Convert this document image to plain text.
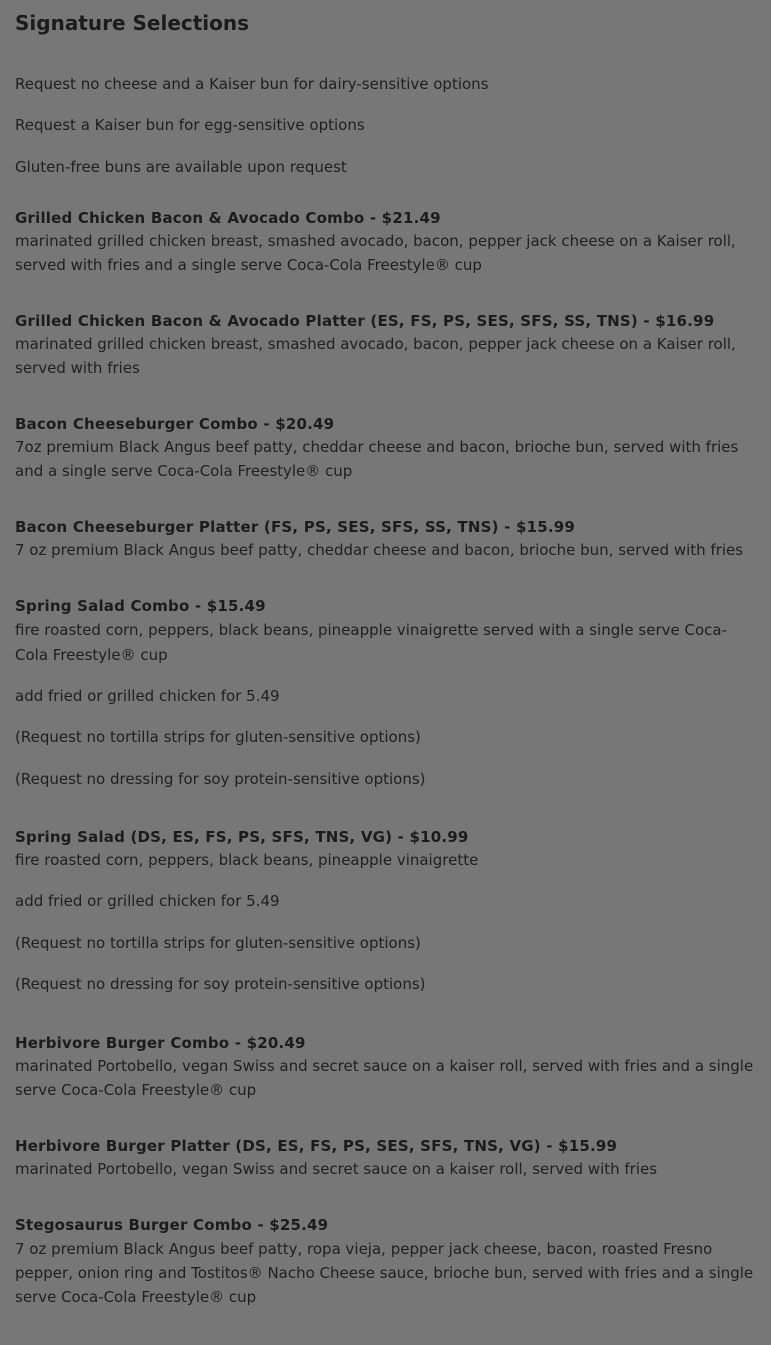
Signature Selections

Request no cheese and a Kaiser bun for dairy-sensitive options

Request a Kaiser bun for egg-sensitive options

Gluten-free buns are available upon request

Grilled Chicken Bacon & Avocado Combo - $21.49

marinated grilled chicken breast, smashed avocado, bacon, pepper jack cheese on a Kaiser roll, served with fries and a single serve Coca-Cola Freestyle® cup

Grilled Chicken Bacon & Avocado Platter (ES, FS, PS, SES, SFS, SS, TNS) - $16.99

marinated grilled chicken breast, smashed avocado, bacon, pepper jack cheese on a Kaiser roll, served with fries

Bacon Cheeseburger Combo - $20.49

7oz premium Black Angus beef patty, cheddar cheese and bacon, brioche bun, served with fries and a single serve Coca-Cola Freestyle® cup

Bacon Cheeseburger Platter (FS, PS, SES, SFS, SS, TNS) - $15.99

7 oz premium Black Angus beef patty, cheddar cheese and bacon, brioche bun, served with fries

Spring Salad Combo - $15.49

fire roasted corn, peppers, black beans, pineapple vinaigrette served with a single serve Coca-Cola Freestyle® cup

add fried or grilled chicken for 5.49

(Request no tortilla strips for gluten-sensitive options)

(Request no dressing for soy protein-sensitive options)

Spring Salad (DS, ES, FS, PS, SFS, TNS, VG) - $10.99

fire roasted corn, peppers, black beans, pineapple vinaigrette

add fried or grilled chicken for 5.49

(Request no tortilla strips for gluten-sensitive options)

(Request no dressing for soy protein-sensitive options)

Herbivore Burger Combo - $20.49

marinated Portobello, vegan Swiss and secret sauce on a kaiser roll, served with fries and a single serve Coca-Cola Freestyle® cup

Herbivore Burger Platter (DS, ES, FS, PS, SES, SFS, TNS, VG) - $15.99

marinated Portobello, vegan Swiss and secret sauce on a kaiser roll, served with fries

Stegosaurus Burger Combo - $25.49

7 oz premium Black Angus beef patty, ropa vieja, pepper jack cheese, bacon, roasted Fresno pepper, onion ring and Tostitos® Nacho Cheese sauce, brioche bun, served with fries and a single serve Coca-Cola Freestyle® cup
